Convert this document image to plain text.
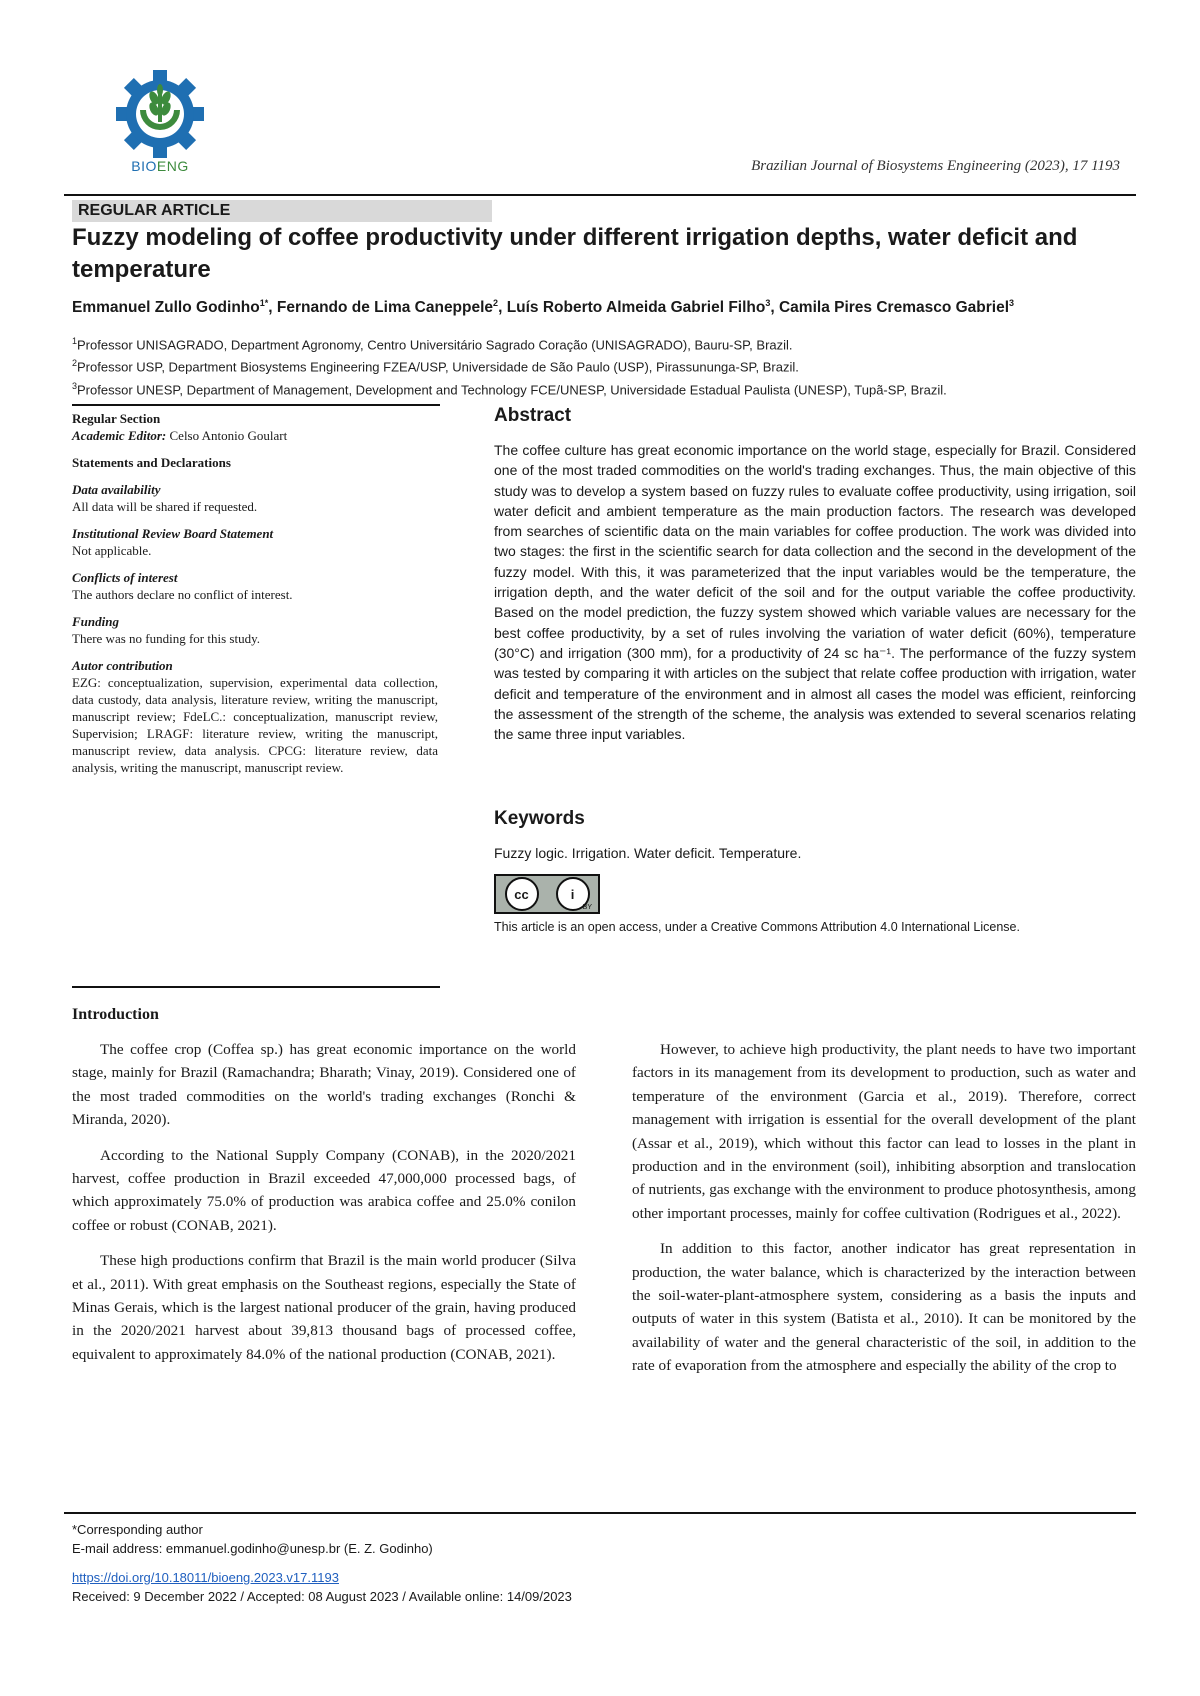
BIOENG	Brazilian Journal of Biosystems Engineering (2023), 17 1193
REGULAR ARTICLE
Fuzzy modeling of coffee productivity under different irrigation depths, water deficit and temperature
Emmanuel Zullo Godinho$^{1*}$, Fernando de Lima Caneppele$^2$, Luís Roberto Almeida Gabriel Filho$^3$, Camila Pires Cremasco Gabriel$^3$
$^1$Professor UNISAGRADO, Department Agronomy, Centro Universitário Sagrado Coração (UNISAGRADO), Bauru-SP, Brazil.
$^2$Professor USP, Department Biosystems Engineering FZEA/USP, Universidade de São Paulo (USP), Pirassununga-SP, Brazil.
$^3$Professor UNESP, Department of Management, Development and Technology FCE/UNESP, Universidade Estadual Paulista (UNESP), Tupã-SP, Brazil.
Regular Section
Academic Editor: Celso Antonio Goulart
Statements and Declarations
Data availability
All data will be shared if requested.
Institutional Review Board Statement
Not applicable.
Conflicts of interest
The authors declare no conflict of interest.
Funding
There was no funding for this study.
Autor contribution
EZG: conceptualization, supervision, experimental data collection, data custody, data analysis, literature review, writing the manuscript, manuscript review; FdeLC.: conceptualization, manuscript review, Supervision; LRAGF: literature review, writing the manuscript, manuscript review, data analysis. CPCG: literature review, data analysis, writing the manuscript, manuscript review.
Abstract
The coffee culture has great economic importance on the world stage, especially for Brazil. Considered one of the most traded commodities on the world's trading exchanges. Thus, the main objective of this study was to develop a system based on fuzzy rules to evaluate coffee productivity, using irrigation, soil water deficit and ambient temperature as the main production factors. The research was developed from searches of scientific data on the main variables for coffee production. The work was divided into two stages: the first in the scientific search for data collection and the second in the development of the fuzzy model. With this, it was parameterized that the input variables would be the temperature, the irrigation depth, and the water deficit of the soil and for the output variable the coffee productivity. Based on the model prediction, the fuzzy system showed which variable values are necessary for the best coffee productivity, by a set of rules involving the variation of water deficit (60%), temperature (30°C) and irrigation (300 mm), for a productivity of 24 sc ha⁻¹. The performance of the fuzzy system was tested by comparing it with articles on the subject that relate coffee production with irrigation, water deficit and temperature of the environment and in almost all cases the model was efficient, reinforcing the assessment of the strength of the scheme, the analysis was extended to several scenarios relating the same three input variables.
Keywords
Fuzzy logic. Irrigation. Water deficit. Temperature.
cc	i
BY
This article is an open access, under a Creative Commons Attribution 4.0 International License.
Introduction

The coffee crop (Coffea sp.) has great economic importance on the world stage, mainly for Brazil (Ramachandra; Bharath; Vinay, 2019). Considered one of the most traded commodities on the world's trading exchanges (Ronchi & Miranda, 2020).

According to the National Supply Company (CONAB), in the 2020/2021 harvest, coffee production in Brazil exceeded 47,000,000 processed bags, of which approximately 75.0% of production was arabica coffee and 25.0% conilon coffee or robust (CONAB, 2021).

These high productions confirm that Brazil is the main world producer (Silva et al., 2011). With great emphasis on the Southeast regions, especially the State of Minas Gerais, which is the largest national producer of the grain, having produced in the 2020/2021 harvest about 39,813 thousand bags of processed coffee, equivalent to approximately 84.0% of the national production (CONAB, 2021).

However, to achieve high productivity, the plant needs to have two important factors in its management from its development to production, such as water and temperature of the environment (Garcia et al., 2019). Therefore, correct management with irrigation is essential for the overall development of the plant (Assar et al., 2019), which without this factor can lead to losses in the plant in production and in the environment (soil), inhibiting absorption and translocation of nutrients, gas exchange with the environment to produce photosynthesis, among other important processes, mainly for coffee cultivation (Rodrigues et al., 2022).

In addition to this factor, another indicator has great representation in production, the water balance, which is characterized by the interaction between the soil-water-plant-atmosphere system, considering as a basis the inputs and outputs of water in this system (Batista et al., 2010). It can be monitored by the availability of water and the general characteristic of the soil, in addition to the rate of evaporation from the atmosphere and especially the ability of the crop to

*Corresponding author
E-mail address: emmanuel.godinho@unesp.br (E. Z. Godinho)
https://doi.org/10.18011/bioeng.2023.v17.1193
Received: 9 December 2022 / Accepted: 08 August 2023 / Available online: 14/09/2023
